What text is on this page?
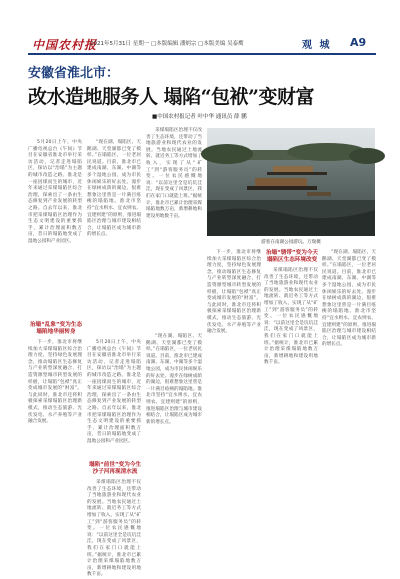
中国农村报
2021年5月31日 星期一 □本版编辑 潘炳宗 □本版美编 吴泰鹰	观 城 A9
安徽省淮北市：
改水造地服务人 塌陷“包袱”变财富
■中国农村报记者 叶中华 通讯员 薛 鹏
游客在南湖公园游玩。万瑞摄

5月20日上午，中央广播电视总台《午间》节目在安徽省淮北市举行采访活动，记者走进塌陷区，探访以“治塌”为主题的城市改造之路。淮北是一座因煤而生的城市，近年来通过采煤塌陷区综合治理，探索出了一条由生态修复到产业发展的转型之路。自去年以来，淮北市把采煤塌陷区治理作为生态文明建设的重要抓手，累计治理面积数万亩，昔日的塌陷地变成了湿地公园和产业园区。

“现在湖、塌陷区、天鹅湖、天堂湖都已变了模样。”在塌陷区，一位老居民说道。目前，淮北市已建成南湖、东湖、中湖等多个湿地公园，成为市民休闲娱乐的好去处。漫步在绿树成荫的湖边，很难想象这里曾是一片满目疮痍的塌陷地。淮北市坚持“宜水则水、宜农则农、宜建则建”的原则，推进塌陷区治理与城市建设相结合，让塌陷区成为城市新的增长点。

采煤塌陷区治理不仅改善了生态环境，还带动了当地旅游业和现代农业的发展。当地农民通过土地流转、就近务工等方式增加了收入，实现了从“矿工”到“游客服务员”的转变。一位农民感慨地说：“以前这里全是坑坑洼洼，现在变成了风景区，我们在家门口就能上班。”据统计，淮北市已累计治理采煤塌陷地数万亩，新增耕地和建设用地数千亩。

治塌“乱象”变为生态 塌陷地华丽转身

下一步，淮北市将继续加大采煤塌陷区综合治理力度，坚持绿色发展理念，推动塌陷区生态修复与产业转型深度融合，打造资源型城市转型发展的样板，让塌陷“包袱”真正变成城市发展的“财富”。与此同时，淮北市还将积极探索采煤塌陷区治理新模式，推动生态旅游、光伏发电、水产养殖等产业融合发展。

5月20日上午，中央广播电视总台《午间》节目在安徽省淮北市举行采访活动，记者走进塌陷区，探访以“治塌”为主题的城市改造之路。淮北是一座因煤而生的城市，近年来通过采煤塌陷区综合治理，探索出了一条由生态修复到产业发展的转型之路。自去年以来，淮北市把采煤塌陷区治理作为生态文明建设的重要抓手，累计治理面积数万亩，昔日的塌陷地变成了湿地公园和产业园区。

塌陷“前世”变为今生 沙子河再现清水流

采煤塌陷区治理不仅改善了生态环境，还带动了当地旅游业和现代农业的发展。当地农民通过土地流转、就近务工等方式增加了收入，实现了从“矿工”到“游客服务员”的转变。一位农民感慨地说：“以前这里全是坑坑洼洼，现在变成了风景区，我们在家门口就能上班。”据统计，淮北市已累计治理采煤塌陷地数万亩，新增耕地和建设用地数千亩。

“现在湖、塌陷区、天鹅湖、天堂湖都已变了模样。”在塌陷区，一位老居民说道。目前，淮北市已建成南湖、东湖、中湖等多个湿地公园，成为市民休闲娱乐的好去处。漫步在绿树成荫的湖边，很难想象这里曾是一片满目疮痍的塌陷地。淮北市坚持“宜水则水、宜农则农、宜建则建”的原则，推进塌陷区治理与城市建设相结合，让塌陷区成为城市新的增长点。

下一步，淮北市将继续加大采煤塌陷区综合治理力度，坚持绿色发展理念，推动塌陷区生态修复与产业转型深度融合，打造资源型城市转型发展的样板，让塌陷“包袱”真正变成城市发展的“财富”。与此同时，淮北市还将积极探索采煤塌陷区治理新模式，推动生态旅游、光伏发电、水产养殖等产业融合发展。

治塌“锈带”变为今天 塌陷区生态环境改变

采煤塌陷区治理不仅改善了生态环境，还带动了当地旅游业和现代农业的发展。当地农民通过土地流转、就近务工等方式增加了收入，实现了从“矿工”到“游客服务员”的转变。一位农民感慨地说：“以前这里全是坑坑洼洼，现在变成了风景区，我们在家门口就能上班。”据统计，淮北市已累计治理采煤塌陷地数万亩，新增耕地和建设用地数千亩。

“现在湖、塌陷区、天鹅湖、天堂湖都已变了模样。”在塌陷区，一位老居民说道。目前，淮北市已建成南湖、东湖、中湖等多个湿地公园，成为市民休闲娱乐的好去处。漫步在绿树成荫的湖边，很难想象这里曾是一片满目疮痍的塌陷地。淮北市坚持“宜水则水、宜农则农、宜建则建”的原则，推进塌陷区治理与城市建设相结合，让塌陷区成为城市新的增长点。
